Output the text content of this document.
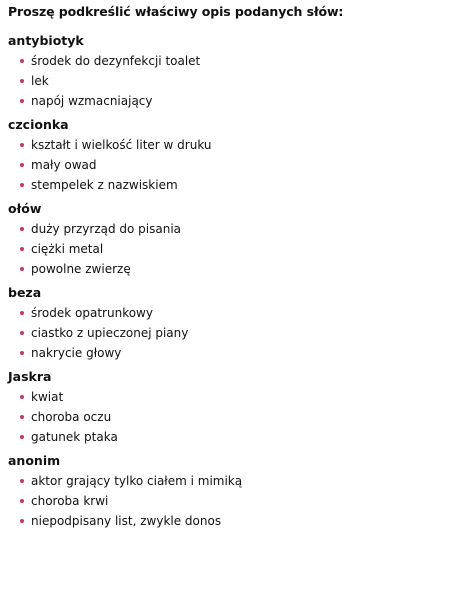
Proszę podkreślić właściwy opis podanych słów:
antybiotyk
środek do dezynfekcji toalet
lek
napój wzmacniający
czcionka
kształt i wielkość liter w druku
mały owad
stempelek z nazwiskiem
ołów
duży przyrząd do pisania
ciężki metal
powolne zwierzę
beza
środek opatrunkowy
ciastko z upieczonej piany
nakrycie głowy
Jaskra
kwiat
choroba oczu
gatunek ptaka
anonim
aktor grający tylko ciałem i mimiką
choroba krwi
niepodpisany list, zwykle donos
